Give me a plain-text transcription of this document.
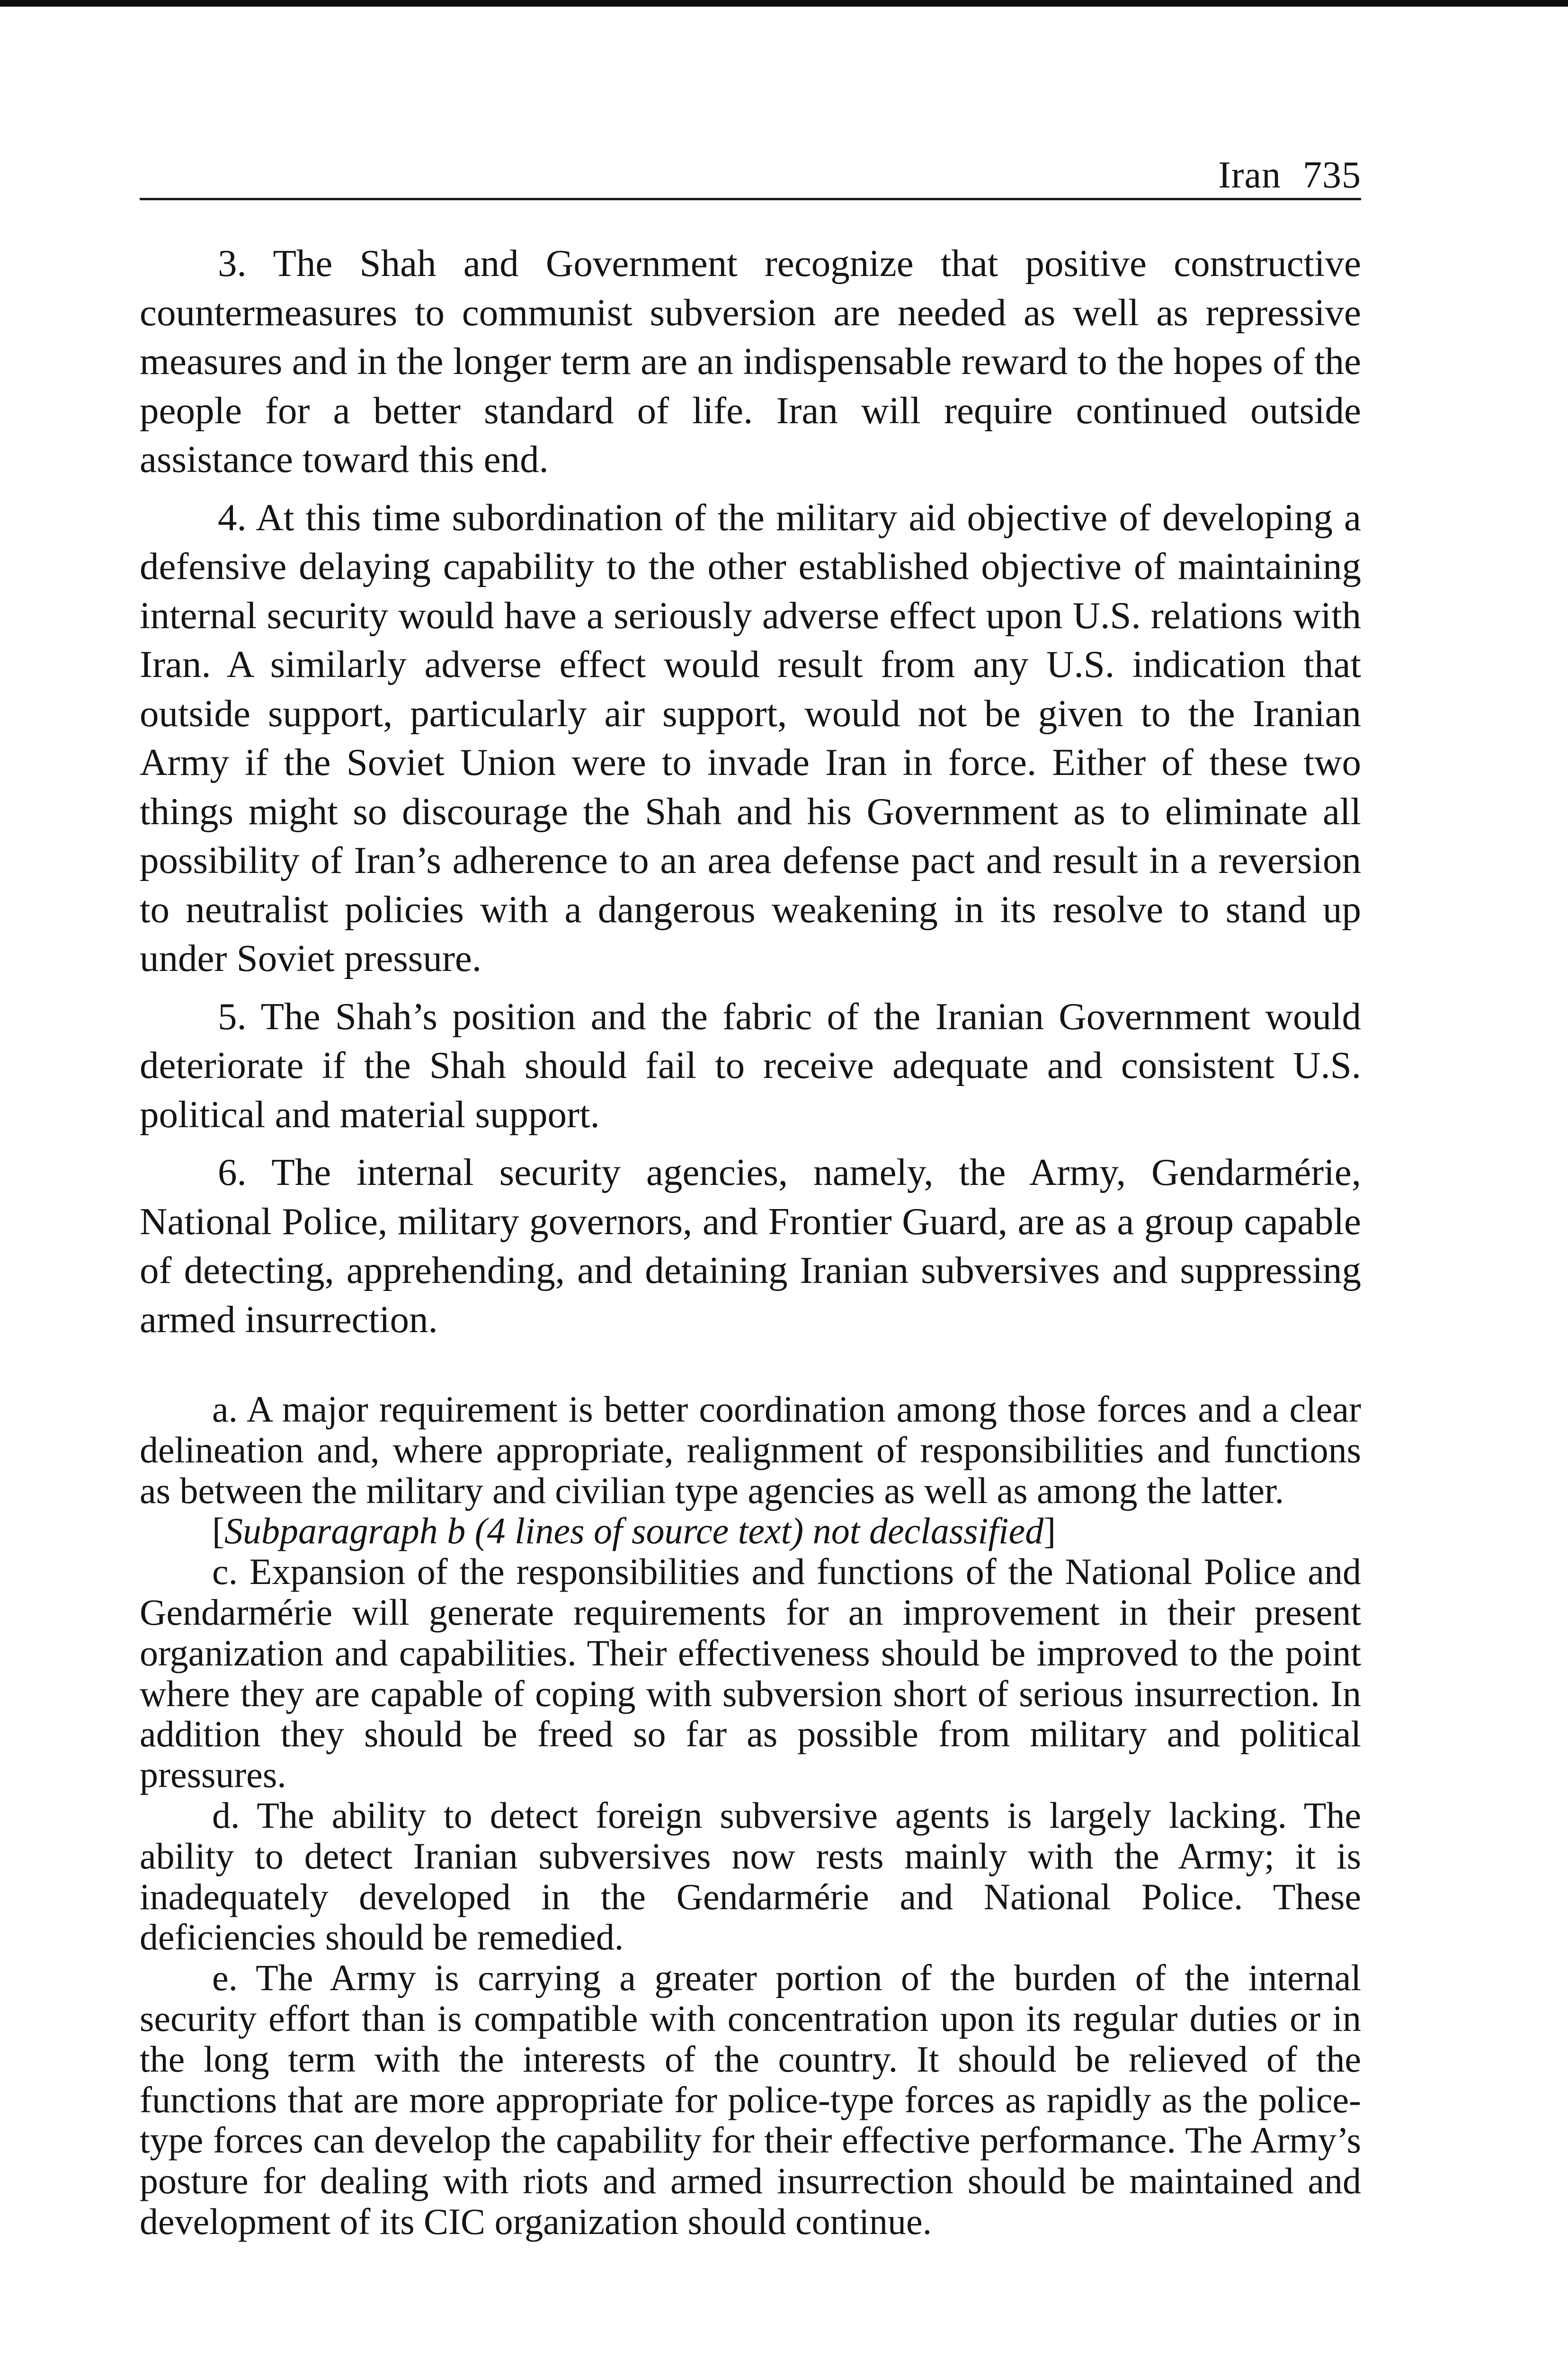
Iran 735

3. The Shah and Government recognize that positive constructive countermeasures to communist subversion are needed as well as repressive measures and in the longer term are an indispensable reward to the hopes of the people for a better standard of life. Iran will require continued outside assistance toward this end.

4. At this time subordination of the military aid objective of developing a defensive delaying capability to the other established objective of maintaining internal security would have a seriously adverse effect upon U.S. relations with Iran. A similarly adverse effect would result from any U.S. indication that outside support, particularly air support, would not be given to the Iranian Army if the Soviet Union were to invade Iran in force. Either of these two things might so discourage the Shah and his Government as to eliminate all possibility of Iran’s adherence to an area defense pact and result in a reversion to neutralist policies with a dangerous weakening in its resolve to stand up under Soviet pressure.

5. The Shah’s position and the fabric of the Iranian Government would deteriorate if the Shah should fail to receive adequate and consistent U.S. political and material support.

6. The internal security agencies, namely, the Army, Gendarmérie, National Police, military governors, and Frontier Guard, are as a group capable of detecting, apprehending, and detaining Iranian subversives and suppressing armed insurrection.

a. A major requirement is better coordination among those forces and a clear delineation and, where appropriate, realignment of responsibilities and functions as between the military and civilian type agencies as well as among the latter.

[Subparagraph b (4 lines of source text) not declassified]

c. Expansion of the responsibilities and functions of the National Police and Gendarmérie will generate requirements for an improvement in their present organization and capabilities. Their effectiveness should be improved to the point where they are capable of coping with subversion short of serious insurrection. In addition they should be freed so far as possible from military and political pressures.

d. The ability to detect foreign subversive agents is largely lacking. The ability to detect Iranian subversives now rests mainly with the Army; it is inadequately developed in the Gendarmérie and National Police. These deficiencies should be remedied.

e. The Army is carrying a greater portion of the burden of the internal security effort than is compatible with concentration upon its regular duties or in the long term with the interests of the country. It should be relieved of the functions that are more appropriate for police-type forces as rapidly as the police-type forces can develop the capability for their effective performance. The Army’s posture for dealing with riots and armed insurrection should be maintained and development of its CIC organization should continue.
